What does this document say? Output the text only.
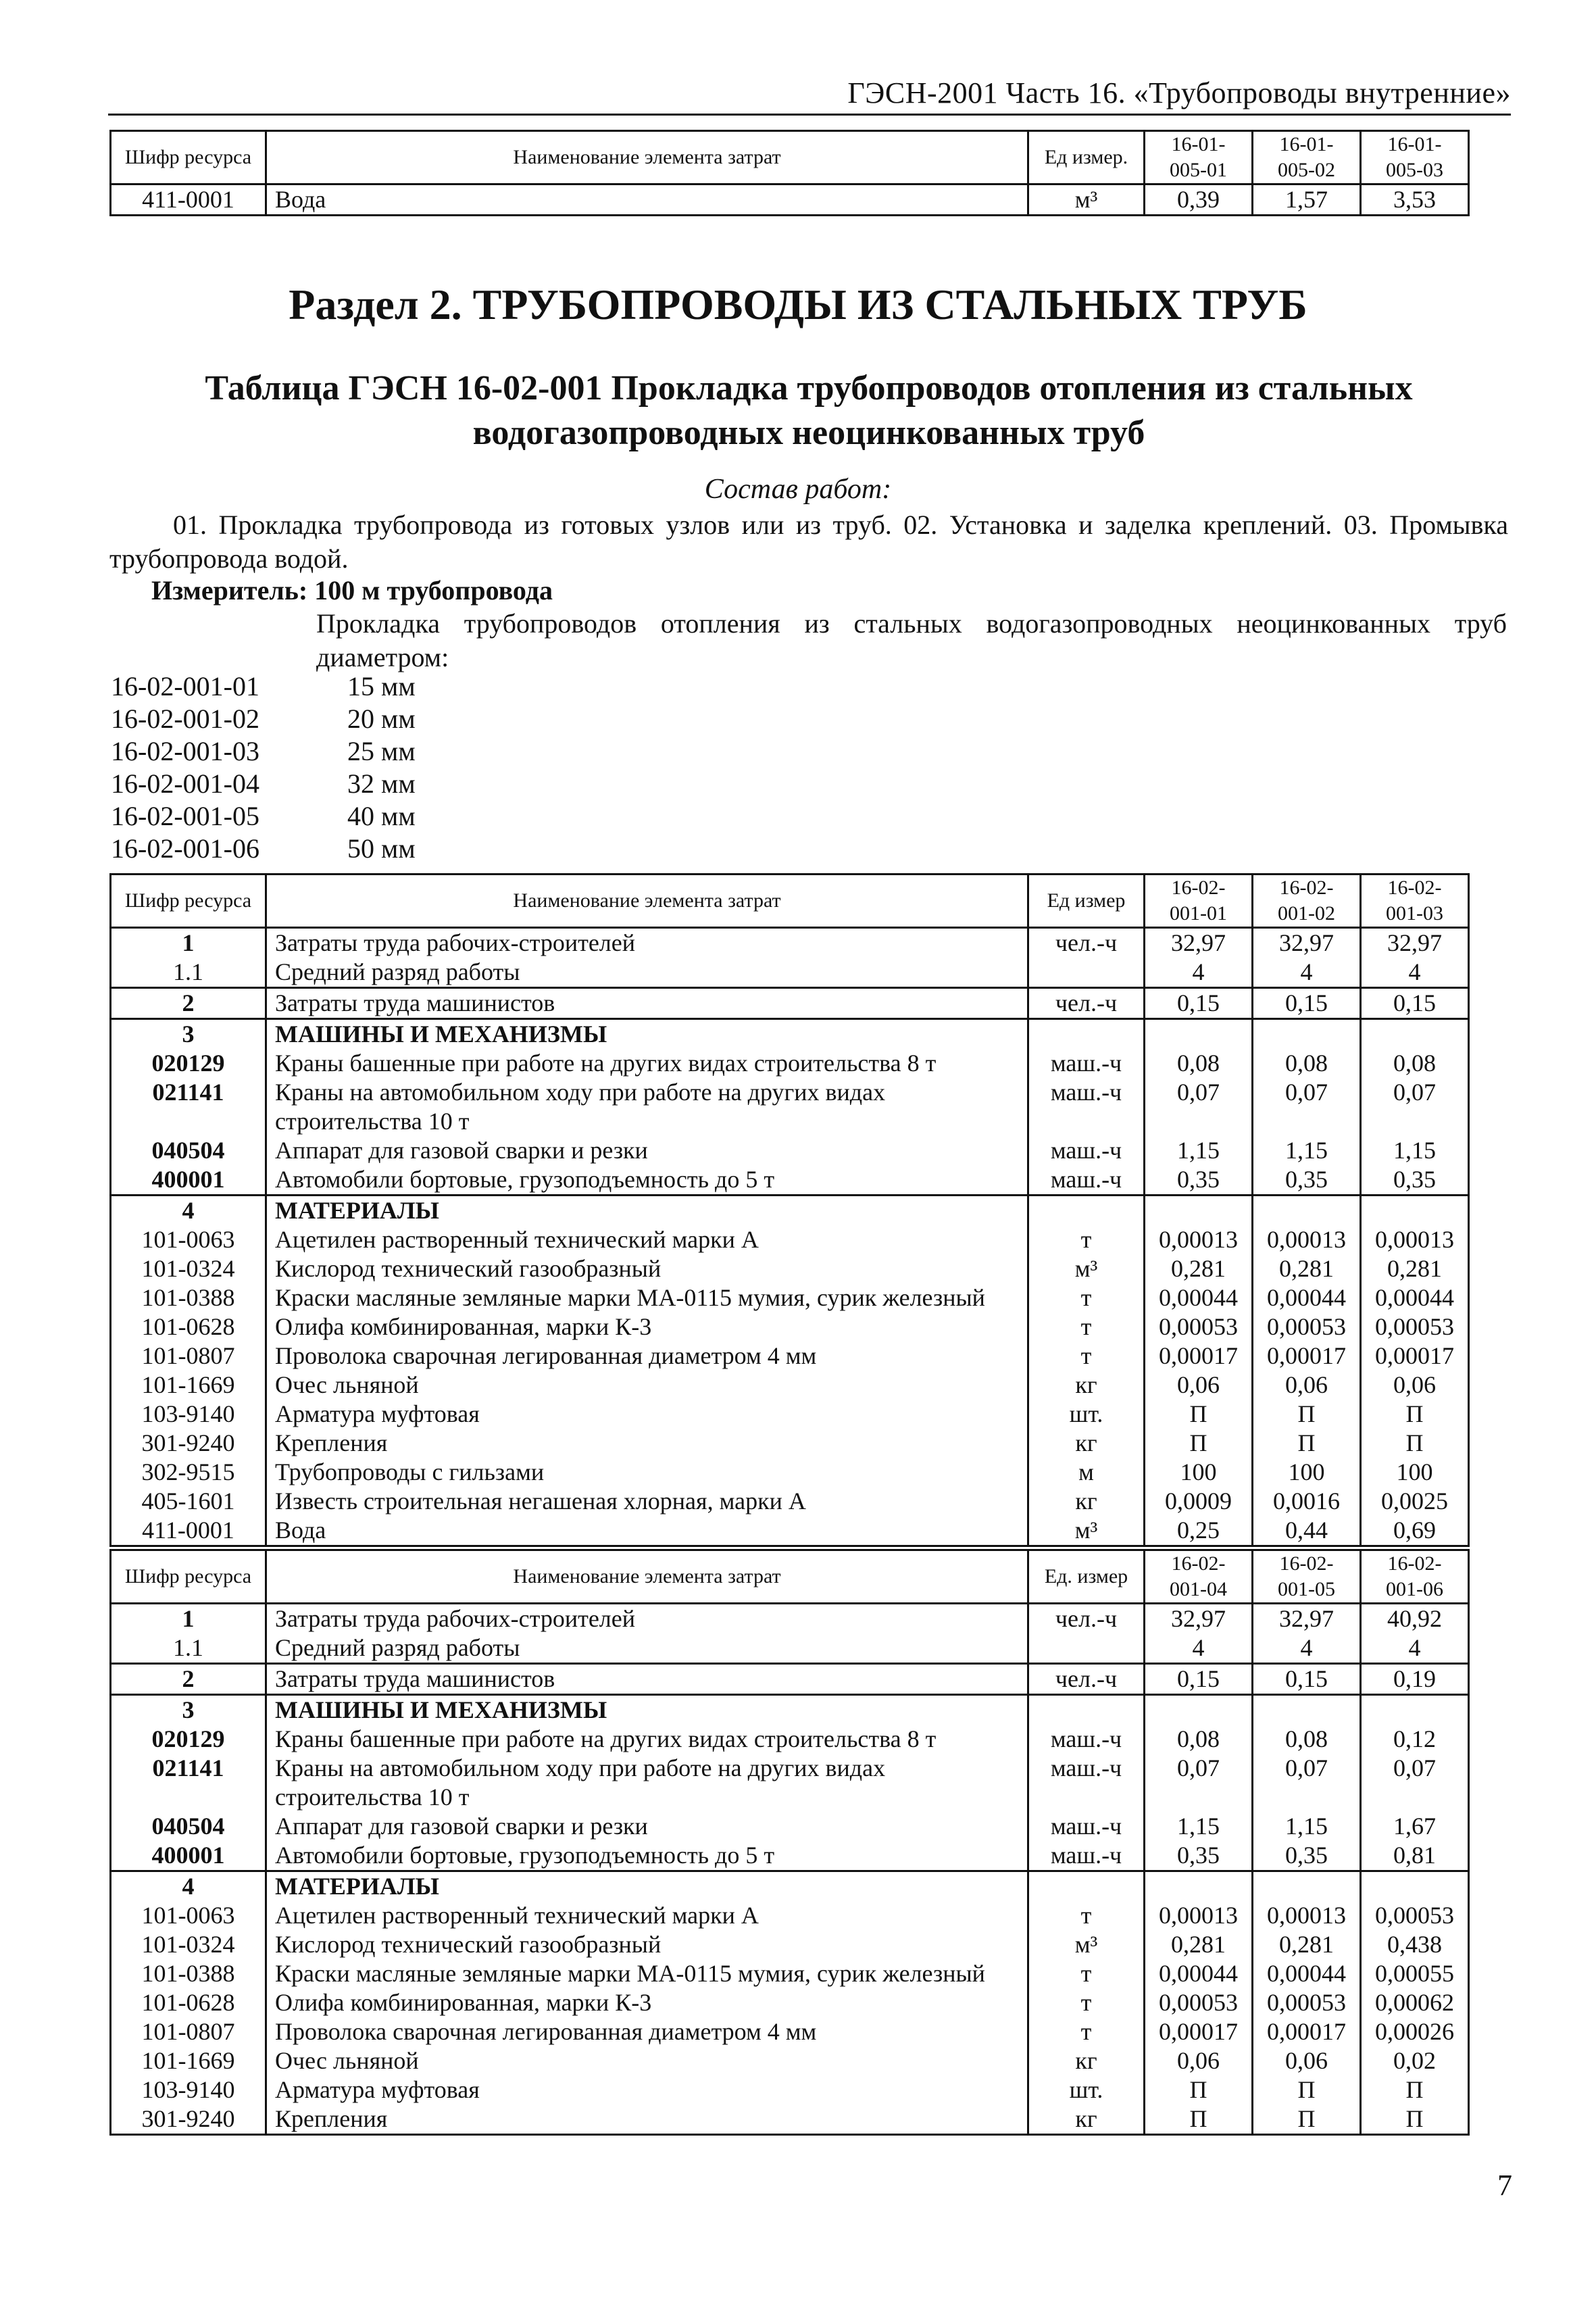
ГЭСН-2001 Часть 16. «Трубопроводы внутренние»
Шифр ресурса	Наименование элемента затрат	Ед измер.	16-01-005-01	16-01-005-02	16-01-005-03
411-0001	Вода	м³	0,39	1,57	3,53
Раздел 2. ТРУБОПРОВОДЫ ИЗ СТАЛЬНЫХ ТРУБ
Таблица ГЭСН 16-02-001 Прокладка трубопроводов отопления из стальных водогазопроводных неоцинкованных труб
Состав работ:
01. Прокладка трубопровода из готовых узлов или из труб. 02. Установка и заделка креплений. 03. Промывка трубопровода водой.
Измеритель: 100 м трубопровода
Прокладка трубопроводов отопления из стальных водогазопроводных неоцинкованных труб диаметром:
16-02-001-01	15 мм
16-02-001-02	20 мм
16-02-001-03	25 мм
16-02-001-04	32 мм
16-02-001-05	40 мм
16-02-001-06	50 мм
Шифр ресурса	Наименование элемента затрат	Ед измер	16-02-001-01	16-02-001-02	16-02-001-03
1	Затраты труда рабочих-строителей	чел.-ч	32,97	32,97	32,97
1.1	Средний разряд работы		4	4	4
2	Затраты труда машинистов	чел.-ч	0,15	0,15	0,15
3	МАШИНЫ И МЕХАНИЗМЫ				
020129	Краны башенные при работе на других видах строительства 8 т	маш.-ч	0,08	0,08	0,08
021141	Краны на автомобильном ходу при работе на других видах строительства 10 т	маш.-ч	0,07	0,07	0,07
040504	Аппарат для газовой сварки и резки	маш.-ч	1,15	1,15	1,15
400001	Автомобили бортовые, грузоподъемность до 5 т	маш.-ч	0,35	0,35	0,35
4	МАТЕРИАЛЫ				
101-0063	Ацетилен растворенный технический марки А	т	0,00013	0,00013	0,00013
101-0324	Кислород технический газообразный	м³	0,281	0,281	0,281
101-0388	Краски масляные земляные марки МА-0115 мумия, сурик железный	т	0,00044	0,00044	0,00044
101-0628	Олифа комбинированная, марки К-3	т	0,00053	0,00053	0,00053
101-0807	Проволока сварочная легированная диаметром 4 мм	т	0,00017	0,00017	0,00017
101-1669	Очес льняной	кг	0,06	0,06	0,06
103-9140	Арматура муфтовая	шт.	П	П	П
301-9240	Крепления	кг	П	П	П
302-9515	Трубопроводы с гильзами	м	100	100	100
405-1601	Известь строительная негашеная хлорная, марки А	кг	0,0009	0,0016	0,0025
411-0001	Вода	м³	0,25	0,44	0,69
Шифр ресурса	Наименование элемента затрат	Ед. измер	16-02-001-04	16-02-001-05	16-02-001-06
1	Затраты труда рабочих-строителей	чел.-ч	32,97	32,97	40,92
1.1	Средний разряд работы		4	4	4
2	Затраты труда машинистов	чел.-ч	0,15	0,15	0,19
3	МАШИНЫ И МЕХАНИЗМЫ				
020129	Краны башенные при работе на других видах строительства 8 т	маш.-ч	0,08	0,08	0,12
021141	Краны на автомобильном ходу при работе на других видах строительства 10 т	маш.-ч	0,07	0,07	0,07
040504	Аппарат для газовой сварки и резки	маш.-ч	1,15	1,15	1,67
400001	Автомобили бортовые, грузоподъемность до 5 т	маш.-ч	0,35	0,35	0,81
4	МАТЕРИАЛЫ				
101-0063	Ацетилен растворенный технический марки А	т	0,00013	0,00013	0,00053
101-0324	Кислород технический газообразный	м³	0,281	0,281	0,438
101-0388	Краски масляные земляные марки МА-0115 мумия, сурик железный	т	0,00044	0,00044	0,00055
101-0628	Олифа комбинированная, марки К-3	т	0,00053	0,00053	0,00062
101-0807	Проволока сварочная легированная диаметром 4 мм	т	0,00017	0,00017	0,00026
101-1669	Очес льняной	кг	0,06	0,06	0,02
103-9140	Арматура муфтовая	шт.	П	П	П
301-9240	Крепления	кг	П	П	П
7
